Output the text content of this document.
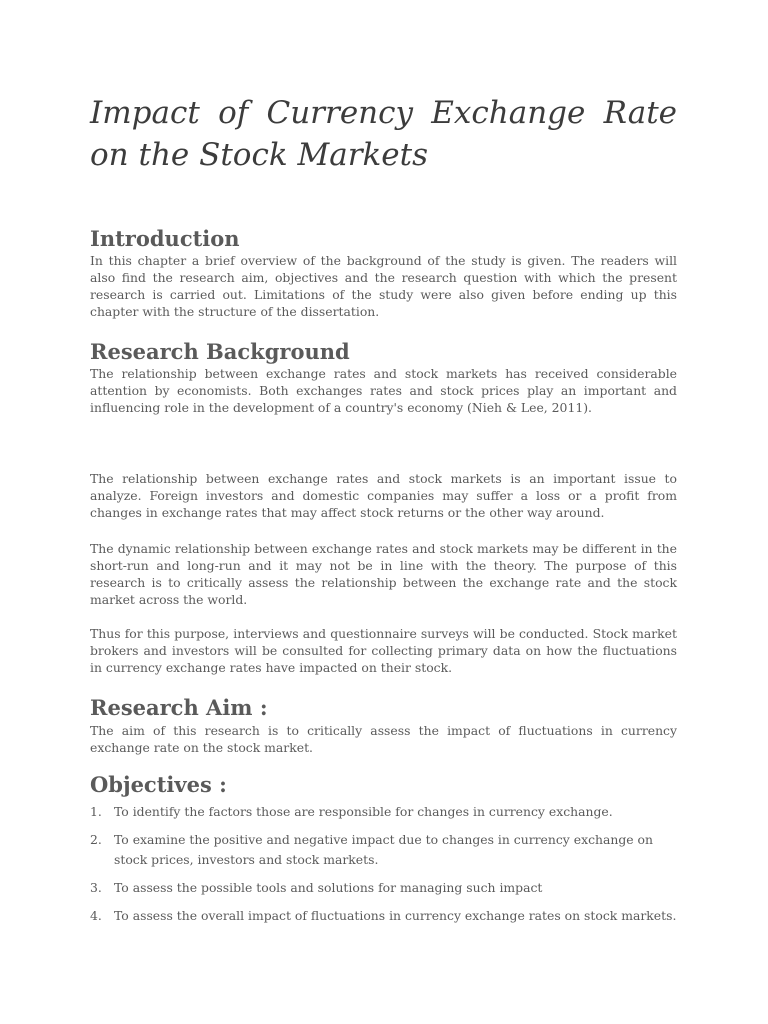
Impact of Currency Exchange Rate on the Stock Markets
Introduction

In this chapter a brief overview of the background of the study is given. The readers will also find the research aim, objectives and the research question with which the present research is carried out. Limitations of the study were also given before ending up this chapter with the structure of the dissertation.

Research Background

The relationship between exchange rates and stock markets has received considerable attention by economists. Both exchanges rates and stock prices play an important and influencing role in the development of a country's economy (Nieh & Lee, 2011).

The relationship between exchange rates and stock markets is an important issue to analyze. Foreign investors and domestic companies may suffer a loss or a profit from changes in exchange rates that may affect stock returns or the other way around.

The dynamic relationship between exchange rates and stock markets may be different in the short-run and long-run and it may not be in line with the theory. The purpose of this research is to critically assess the relationship between the exchange rate and the stock market across the world.

Thus for this purpose, interviews and questionnaire surveys will be conducted. Stock market brokers and investors will be consulted for collecting primary data on how the fluctuations in currency exchange rates have impacted on their stock.

Research Aim :

The aim of this research is to critically assess the impact of fluctuations in currency exchange rate on the stock market.

Objectives :
1. To identify the factors those are responsible for changes in currency exchange.
2. To examine the positive and negative impact due to changes in currency exchange on stock prices, investors and stock markets.
3. To assess the possible tools and solutions for managing such impact
4. To assess the overall impact of fluctuations in currency exchange rates on stock markets.
